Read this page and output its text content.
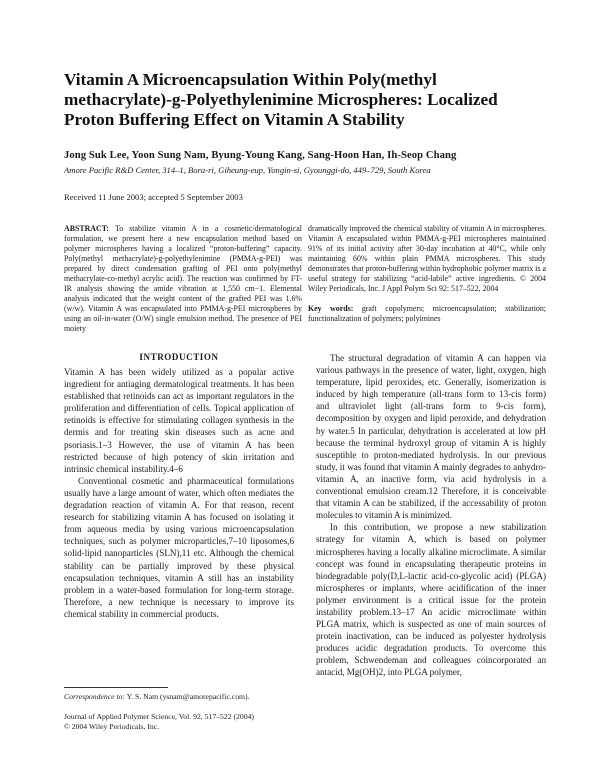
Vitamin A Microencapsulation Within Poly(methyl methacrylate)-g-Polyethylenimine Microspheres: Localized Proton Buffering Effect on Vitamin A Stability
Jong Suk Lee, Yoon Sung Nam, Byung-Young Kang, Sang-Hoon Han, Ih-Seop Chang
Amore Pacific R&D Center, 314–1, Bora-ri, Giheung-eup, Yongin-si, Gyounggi-do, 449–729, South Korea
Received 11 June 2003; accepted 5 September 2003
ABSTRACT: To stabilize vitamin A in a cosmetic/dermatological formulation, we present here a new encapsulation method based on polymer microspheres having a localized “proton-buffering” capacity. Poly(methyl methacrylate)-g-polyethylenimine (PMMA-g-PEI) was prepared by direct condensation grafting of PEI onto poly(methyl methacrylate-co-methyl acrylic acid). The reaction was confirmed by FT-IR analysis showing the amide vibration at 1,550 cm−1. Elemental analysis indicated that the weight content of the grafted PEI was 1.6% (w/w). Vitamin A was encapsulated into PMMA-g-PEI microspheres by using an oil-in-water (O/W) single emulsion method. The presence of PEI moiety
dramatically improved the chemical stability of vitamin A in microspheres. Vitamin A encapsulated within PMMA-g-PEI microspheres maintained 91% of its initial activity after 30-day incubation at 40°C, while only maintaining 60% within plain PMMA microspheres. This study demonstrates that proton-buffering within hydrophobic polymer matrix is a useful strategy for stabilizing “acid-labile” active ingredients. © 2004 Wiley Periodicals, Inc. J Appl Polym Sci 92: 517–522, 2004
Key words: graft copolymers; microencapsulation; stabilization; functionalization of polymers; polyimines
INTRODUCTION

Vitamin A has been widely utilized as a popular active ingredient for antiaging dermatological treatments. It has been established that retinoids can act as important regulators in the proliferation and differentiation of cells. Topical application of retinoids is effective for stimulating collagen synthesis in the dermis and for treating skin diseases such as acne and psoriasis.1–3 However, the use of vitamin A has been restricted because of high potency of skin irritation and intrinsic chemical instability.4–6

Conventional cosmetic and pharmaceutical formulations usually have a large amount of water, which often mediates the degradation reaction of vitamin A. For that reason, recent research for stabilizing vitamin A has focused on isolating it from aqueous media by using various microencapsulation techniques, such as polymer microparticles,7–10 liposomes,6 solid-lipid nanoparticles (SLN),11 etc. Although the chemical stability can be partially improved by these physical encapsulation techniques, vitamin A still has an instability problem in a water-based formulation for long-term storage. Therefore, a new technique is necessary to improve its chemical stability in commercial products.

The structural degradation of vitamin A can happen via various pathways in the presence of water, light, oxygen, high temperature, lipid peroxides, etc. Generally, isomerization is induced by high temperature (all-trans form to 13-cis form) and ultraviolet light (all-trans form to 9-cis form), decomposition by oxygen and lipid peroxide, and dehydration by water.5 In particular, dehydration is accelerated at low pH because the terminal hydroxyl group of vitamin A is highly susceptible to proton-mediated hydrolysis. In our previous study, it was found that vitamin A mainly degrades to anhydro-vitamin A, an inactive form, via acid hydrolysis in a conventional emulsion cream.12 Therefore, it is conceivable that vitamin A can be stabilized, if the accessability of proton molecules to vitamin A is minimized.

In this contribution, we propose a new stabilization strategy for vitamin A, which is based on polymer microspheres having a locally alkaline microclimate. A similar concept was found in encapsulating therapeutic proteins in biodegradable poly(D,L-lactic acid-co-glycolic acid) (PLGA) microspheres or implants, where acidification of the inner polymer environment is a critical issue for the protein instability problem.13–17 An acidic microclimate within PLGA matrix, which is suspected as one of main sources of protein inactivation, can be induced as polyester hydrolysis produces acidic degradation products. To overcome this problem, Schwendeman and colleagues coincorporated an antacid, Mg(OH)2, into PLGA polymer,

Correspondence to: Y. S. Nam (ysnam@amorepacific.com).
Journal of Applied Polymer Science, Vol. 92, 517–522 (2004)
© 2004 Wiley Periodicals, Inc.
